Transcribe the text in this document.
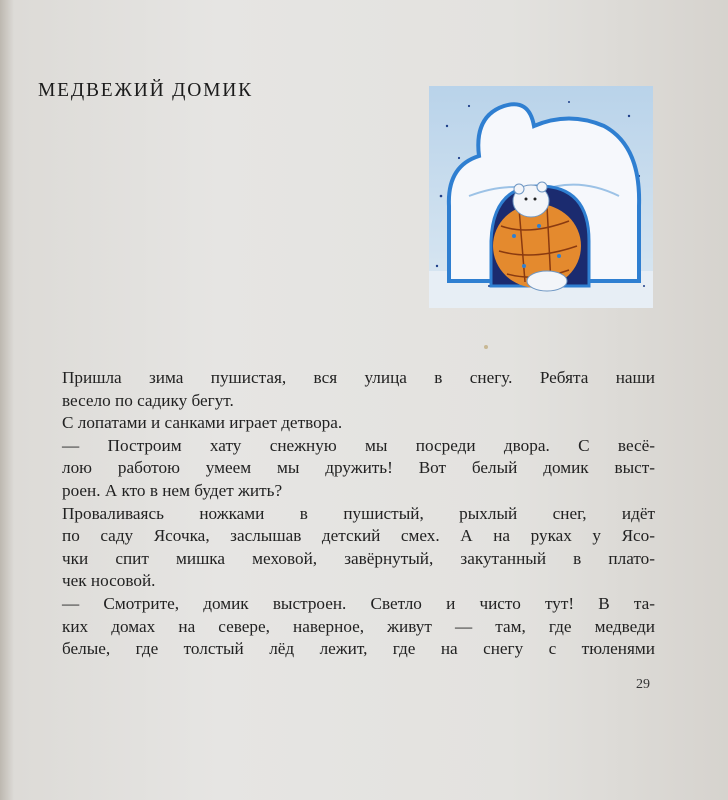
МЕДВЕЖИЙ ДОМИК
Пришла зима пушистая, вся улица в снегу. Ребята наши
весело по садику бегут.
С лопатами и санками играет детвора.
— Построим хату снежную мы посреди двора. С весё-
лою работою умеем мы дружить! Вот белый домик выст-
роен. А кто в нем будет жить?
Проваливаясь ножками в пушистый, рыхлый снег, идёт
по саду Ясочка, заслышав детский смех. А на руках у Ясо-
чки спит мишка меховой, завёрнутый, закутанный в плато-
чек носовой.
— Смотрите, домик выстроен. Светло и чисто тут! В та-
ких домах на севере, наверное, живут — там, где медведи
белые, где толстый лёд лежит, где на снегу с тюленями
29
